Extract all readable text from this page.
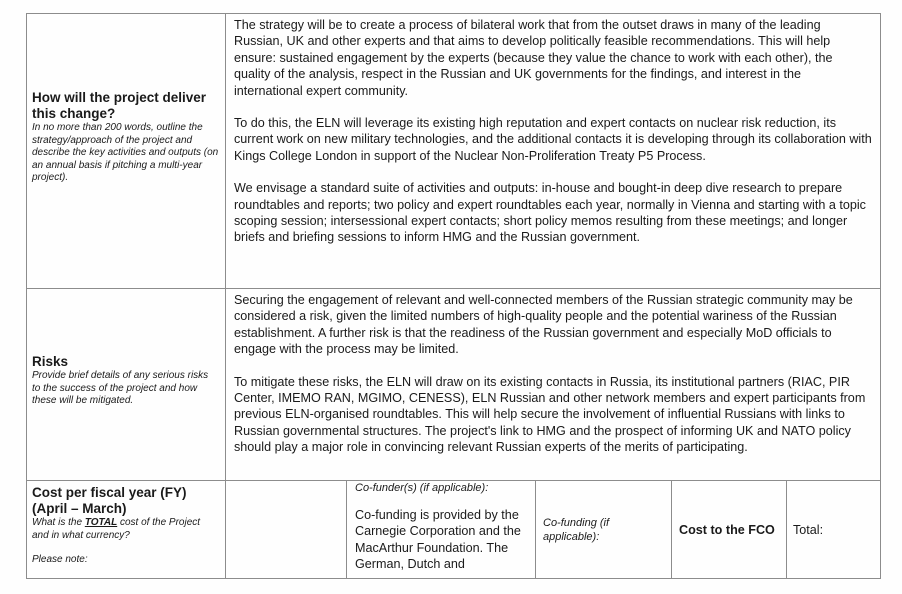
How will the project deliver this change?
In no more than 200 words, outline the strategy/approach of the project and describe the key activities and outputs (on an annual basis if pitching a multi-year project).

The strategy will be to create a process of bilateral work that from the outset draws in many of the leading Russian, UK and other experts and that aims to develop politically feasible recommendations. This will help ensure: sustained engagement by the experts (because they value the chance to work with each other), the quality of the analysis, respect in the Russian and UK governments for the findings, and interest in the international expert community.

To do this, the ELN will leverage its existing high reputation and expert contacts on nuclear risk reduction, its current work on new military technologies, and the additional contacts it is developing through its collaboration with Kings College London in support of the Nuclear Non-Proliferation Treaty P5 Process.

We envisage a standard suite of activities and outputs: in-house and bought-in deep dive research to prepare roundtables and reports; two policy and expert roundtables each year, normally in Vienna and starting with a topic scoping session; intersessional expert contacts; short policy memos resulting from these meetings; and longer briefs and briefing sessions to inform HMG and the Russian government.

Risks
Provide brief details of any serious risks to the success of the project and how these will be mitigated.

Securing the engagement of relevant and well-connected members of the Russian strategic community may be considered a risk, given the limited numbers of high-quality people and the potential wariness of the Russian establishment. A further risk is that the readiness of the Russian government and especially MoD officials to engage with the process may be limited.

To mitigate these risks, the ELN will draw on its existing contacts in Russia, its institutional partners (RIAC, PIR Center, IMEMO RAN, MGIMO, CENESS), ELN Russian and other network members and expert participants from previous ELN-organised roundtables. This will help secure the involvement of influential Russians with links to Russian governmental structures. The project's link to HMG and the prospect of informing UK and NATO policy should play a major role in convincing relevant Russian experts of the merits of participating.

Cost per fiscal year (FY) (April – March)
What is the TOTAL cost of the Project and in what currency?
Please note:
Co-funder(s) (if applicable):
Co-funding is provided by the Carnegie Corporation and the MacArthur Foundation. The German, Dutch and
Co-funding (if applicable):	Cost to the FCO	Total:
